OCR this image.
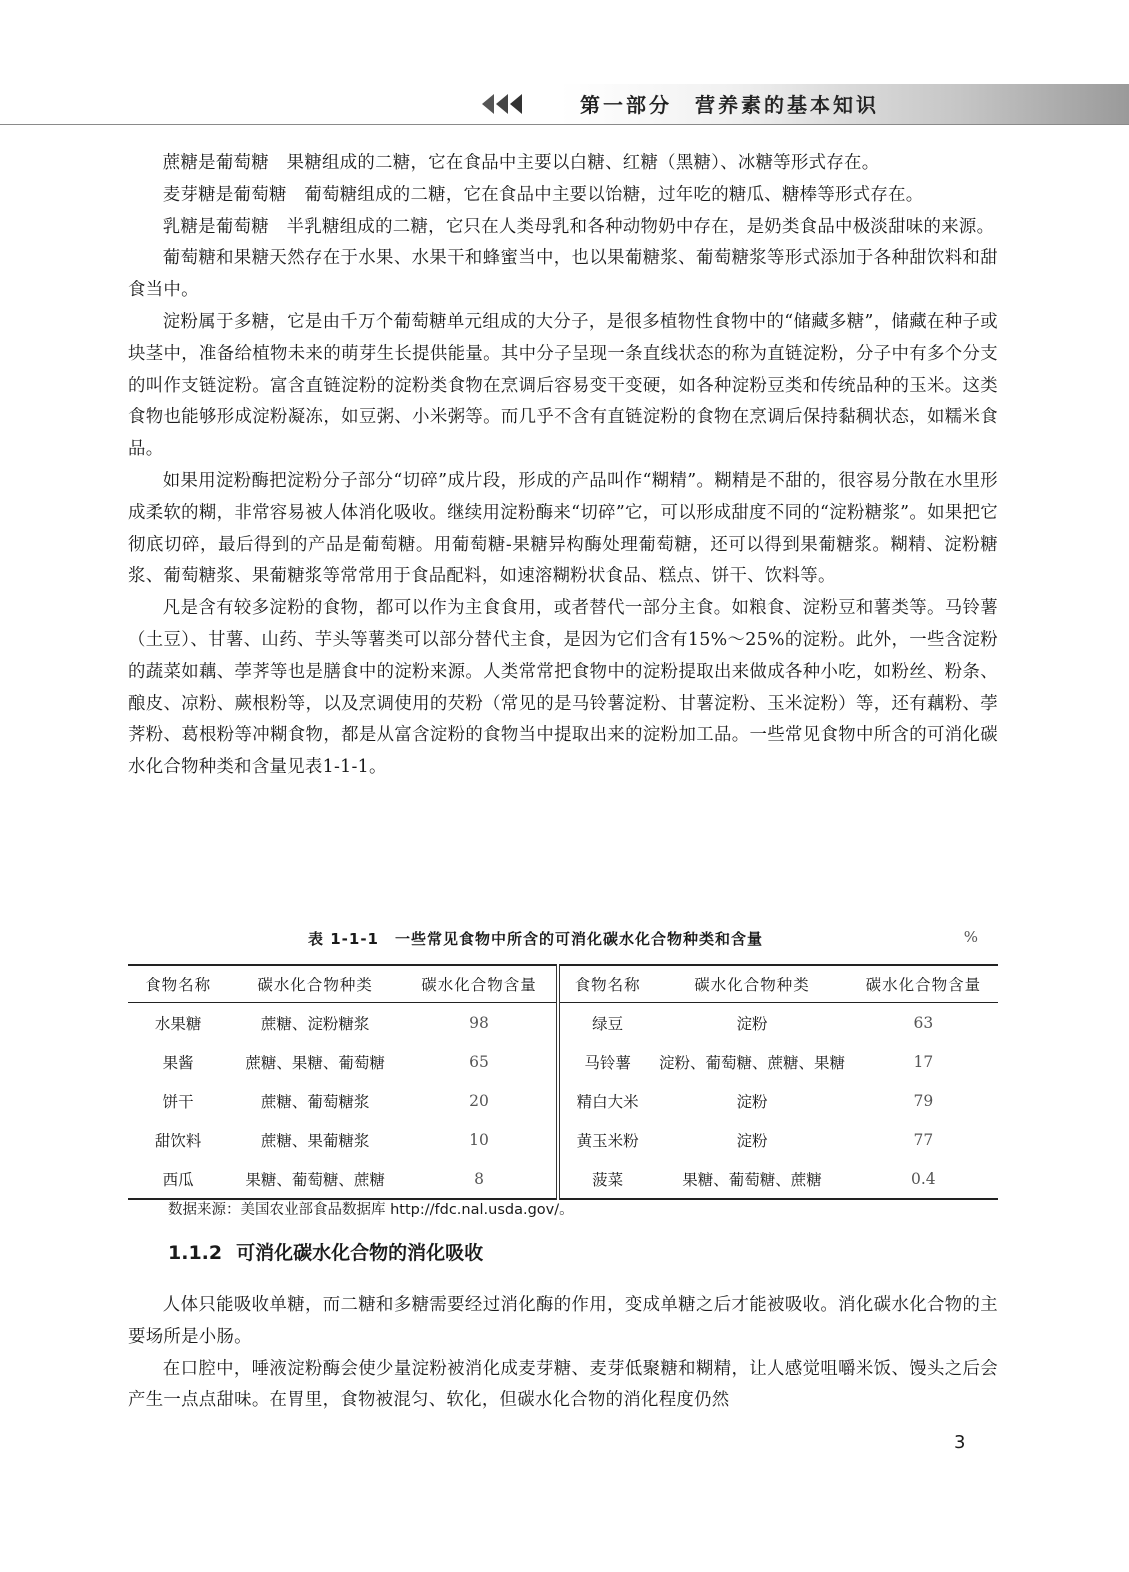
第一部分　营养素的基本知识

蔗糖是葡萄糖　果糖组成的二糖，它在食品中主要以白糖、红糖（黑糖）、冰糖等形式存在。

麦芽糖是葡萄糖　葡萄糖组成的二糖，它在食品中主要以饴糖，过年吃的糖瓜、糖棒等形式存在。

乳糖是葡萄糖　半乳糖组成的二糖，它只在人类母乳和各种动物奶中存在，是奶类食品中极淡甜味的来源。

葡萄糖和果糖天然存在于水果、水果干和蜂蜜当中，也以果葡糖浆、葡萄糖浆等形式添加于各种甜饮料和甜食当中。

淀粉属于多糖，它是由千万个葡萄糖单元组成的大分子，是很多植物性食物中的“储藏多糖”，储藏在种子或块茎中，准备给植物未来的萌芽生长提供能量。其中分子呈现一条直线状态的称为直链淀粉，分子中有多个分支的叫作支链淀粉。富含直链淀粉的淀粉类食物在烹调后容易变干变硬，如各种淀粉豆类和传统品种的玉米。这类食物也能够形成淀粉凝冻，如豆粥、小米粥等。而几乎不含有直链淀粉的食物在烹调后保持黏稠状态，如糯米食品。

如果用淀粉酶把淀粉分子部分“切碎”成片段，形成的产品叫作“糊精”。糊精是不甜的，很容易分散在水里形成柔软的糊，非常容易被人体消化吸收。继续用淀粉酶来“切碎”它，可以形成甜度不同的“淀粉糖浆”。如果把它彻底切碎，最后得到的产品是葡萄糖。用葡萄糖-果糖异构酶处理葡萄糖，还可以得到果葡糖浆。糊精、淀粉糖浆、葡萄糖浆、果葡糖浆等常常用于食品配料，如速溶糊粉状食品、糕点、饼干、饮料等。

凡是含有较多淀粉的食物，都可以作为主食食用，或者替代一部分主食。如粮食、淀粉豆和薯类等。马铃薯（土豆）、甘薯、山药、芋头等薯类可以部分替代主食，是因为它们含有15%～25%的淀粉。此外，一些含淀粉的蔬菜如藕、荸荠等也是膳食中的淀粉来源。人类常常把食物中的淀粉提取出来做成各种小吃，如粉丝、粉条、酿皮、凉粉、蕨根粉等，以及烹调使用的芡粉（常见的是马铃薯淀粉、甘薯淀粉、玉米淀粉）等，还有藕粉、荸荠粉、葛根粉等冲糊食物，都是从富含淀粉的食物当中提取出来的淀粉加工品。一些常见食物中所含的可消化碳水化合物种类和含量见表1-1-1。

表 1-1-1　一些常见食物中所含的可消化碳水化合物种类和含量	%
食物名称	碳水化合物种类	碳水化合物含量	食物名称	碳水化合物种类	碳水化合物含量
水果糖	蔗糖、淀粉糖浆	98	绿豆	淀粉	63
果酱	蔗糖、果糖、葡萄糖	65	马铃薯	淀粉、葡萄糖、蔗糖、果糖	17
饼干	蔗糖、葡萄糖浆	20	精白大米	淀粉	79
甜饮料	蔗糖、果葡糖浆	10	黄玉米粉	淀粉	77
西瓜	果糖、葡萄糖、蔗糖	8	菠菜	果糖、葡萄糖、蔗糖	0.4
数据来源：美国农业部食品数据库 http://fdc.nal.usda.gov/。
1.1.2 可消化碳水化合物的消化吸收

人体只能吸收单糖，而二糖和多糖需要经过消化酶的作用，变成单糖之后才能被吸收。消化碳水化合物的主要场所是小肠。

在口腔中，唾液淀粉酶会使少量淀粉被消化成麦芽糖、麦芽低聚糖和糊精，让人感觉咀嚼米饭、馒头之后会产生一点点甜味。在胃里，食物被混匀、软化，但碳水化合物的消化程度仍然

3
